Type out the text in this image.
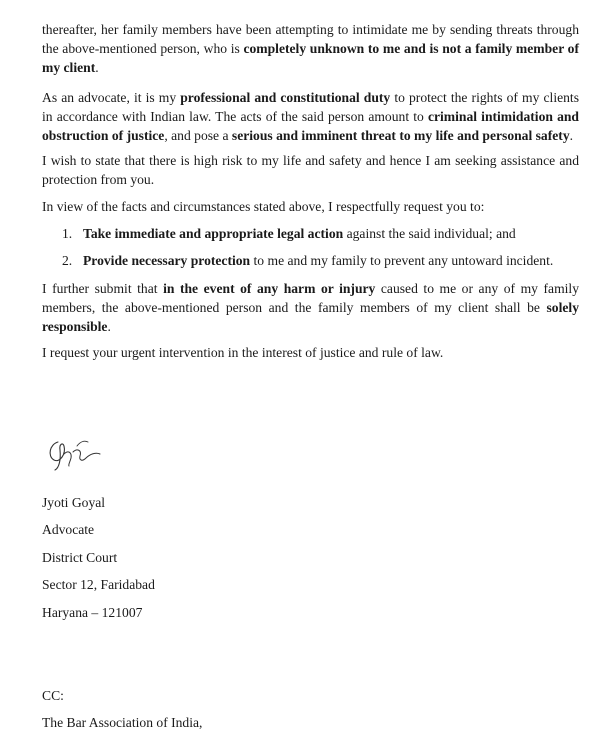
thereafter, her family members have been attempting to intimidate me by sending threats through the above-mentioned person, who is completely unknown to me and is not a family member of my client.

As an advocate, it is my professional and constitutional duty to protect the rights of my clients in accordance with Indian law. The acts of the said person amount to criminal intimidation and obstruction of justice, and pose a serious and imminent threat to my life and personal safety.

I wish to state that there is high risk to my life and safety and hence I am seeking assistance and protection from you.

In view of the facts and circumstances stated above, I respectfully request you to:

1. Take immediate and appropriate legal action against the said individual; and

2. Provide necessary protection to me and my family to prevent any untoward incident.

I further submit that in the event of any harm or injury caused to me or any of my family members, the above-mentioned person and the family members of my client shall be solely responsible.

I request your urgent intervention in the interest of justice and rule of law.

Jyoti Goyal

Advocate

District Court

Sector 12, Faridabad

Haryana – 121007

CC:

The Bar Association of India,
